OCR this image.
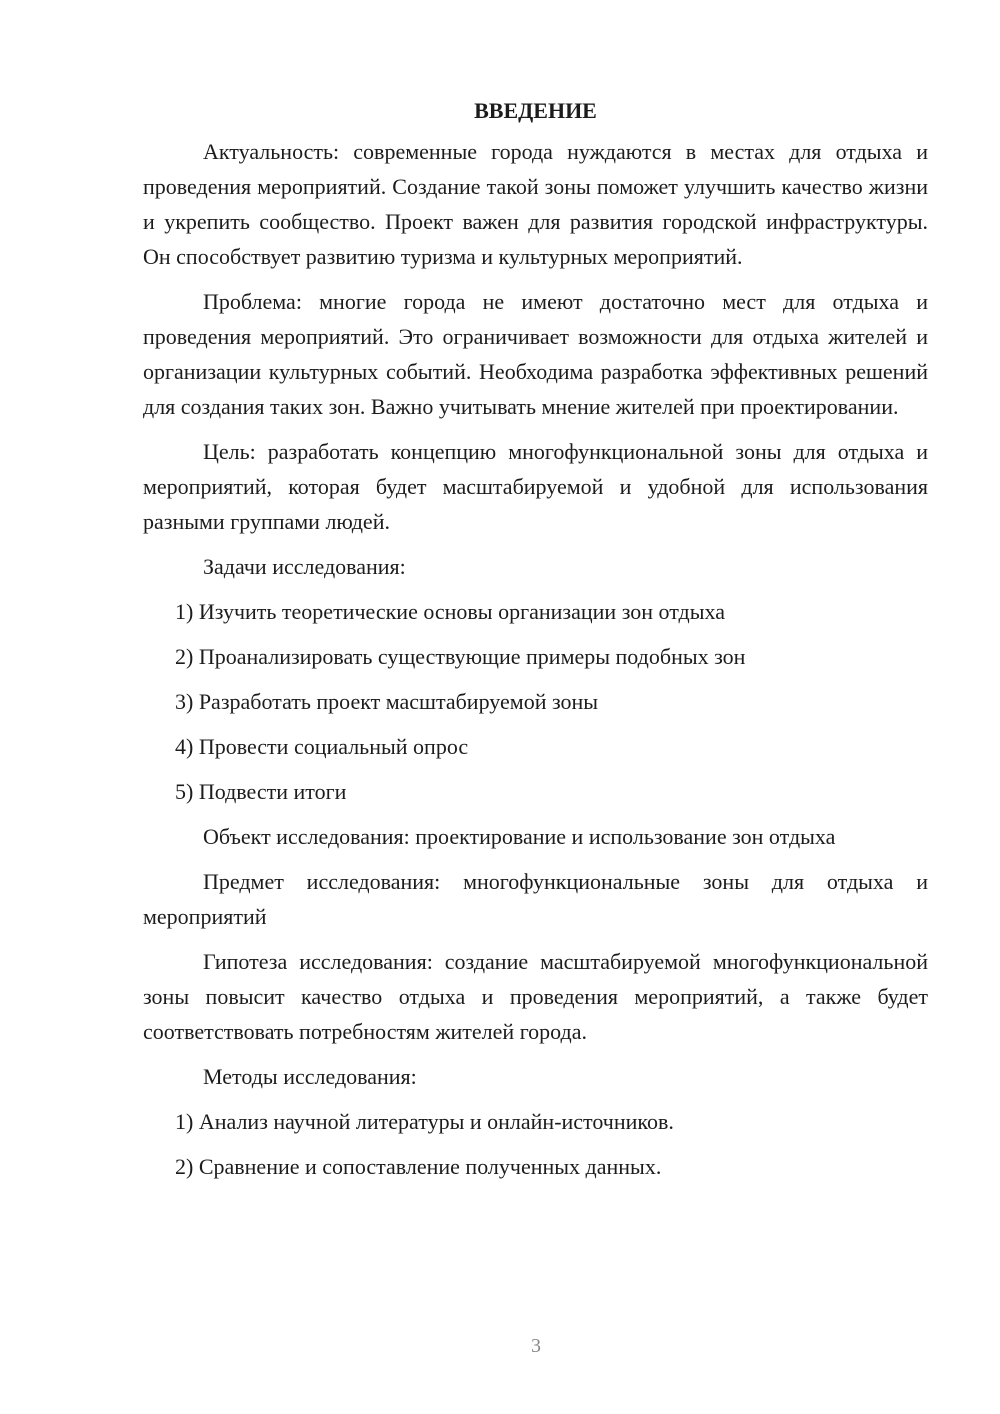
ВВЕДЕНИЕ

Актуальность: современные города нуждаются в местах для отдыха и проведения мероприятий. Создание такой зоны поможет улучшить качество жизни и укрепить сообщество. Проект важен для развития городской инфраструктуры. Он способствует развитию туризма и культурных мероприятий.

Проблема: многие города не имеют достаточно мест для отдыха и проведения мероприятий. Это ограничивает возможности для отдыха жителей и организации культурных событий. Необходима разработка эффективных решений для создания таких зон. Важно учитывать мнение жителей при проектировании.

Цель: разработать концепцию многофункциональной зоны для отдыха и мероприятий, которая будет масштабируемой и удобной для использования разными группами людей.

Задачи исследования:

1) Изучить теоретические основы организации зон отдыха

2) Проанализировать существующие примеры подобных зон

3) Разработать проект масштабируемой зоны

4) Провести социальный опрос

5) Подвести итоги

Объект исследования: проектирование и использование зон отдыха

Предмет исследования: многофункциональные зоны для отдыха и мероприятий

Гипотеза исследования: создание масштабируемой многофункциональной зоны повысит качество отдыха и проведения мероприятий, а также будет соответствовать потребностям жителей города.

Методы исследования:

1) Анализ научной литературы и онлайн-источников.

2) Сравнение и сопоставление полученных данных.

3
